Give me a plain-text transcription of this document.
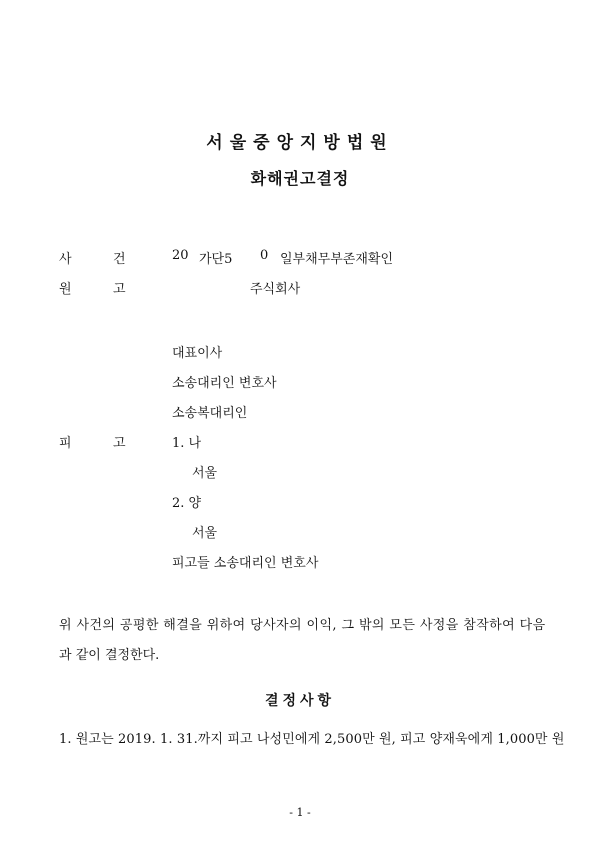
서울중앙지방법원
화해권고결정
사	건	20 가단5 0 일부채무부존재확인
원	고	주식회사
대표이사
소송대리인 변호사
소송복대리인
피	고	1. 나
서울
2. 양
서울
피고들 소송대리인 변호사
위 사건의 공평한 해결을 위하여 당사자의 이익, 그 밖의 모든 사정을 참작하여 다음
과 같이 결정한다.
결정사항
1. 원고는 2019. 1. 31.까지 피고 나성민에게 2,500만 원, 피고 양재욱에게 1,000만 원
- 1 -
